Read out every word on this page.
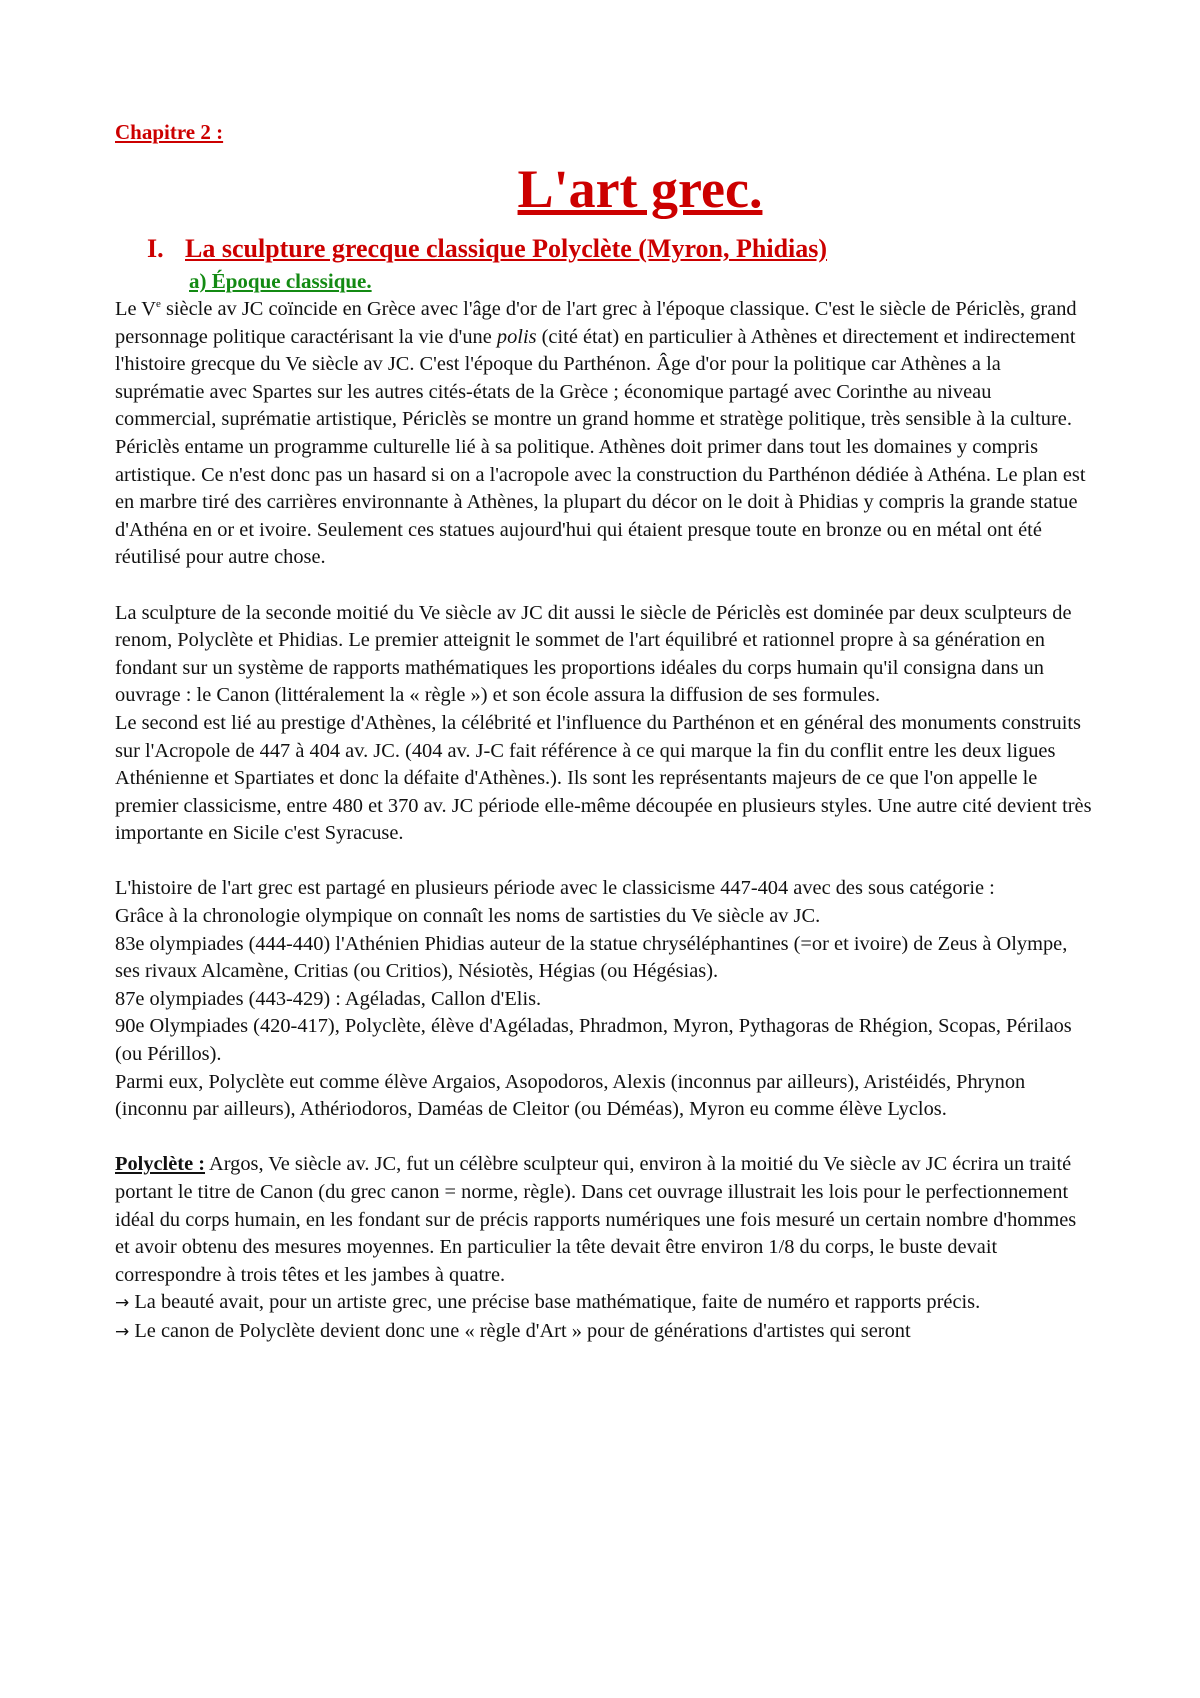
Chapitre 2 :

L'art grec.
I. La sculpture grecque classique Polyclète (Myron, Phidias)
a) Époque classique.

Le Ve siècle av JC coïncide en Grèce avec l'âge d'or de l'art grec à l'époque classique. C'est le siècle de Périclès, grand personnage politique caractérisant la vie d'une polis (cité état) en particulier à Athènes et directement et indirectement l'histoire grecque du Ve siècle av JC. C'est l'époque du Parthénon. Âge d'or pour la politique car Athènes a la suprématie avec Spartes sur les autres cités-états de la Grèce ; économique partagé avec Corinthe au niveau commercial, suprématie artistique, Périclès se montre un grand homme et stratège politique, très sensible à la culture. Périclès entame un programme culturelle lié à sa politique. Athènes doit primer dans tout les domaines y compris artistique. Ce n'est donc pas un hasard si on a l'acropole avec la construction du Parthénon dédiée à Athéna. Le plan est en marbre tiré des carrières environnante à Athènes, la plupart du décor on le doit à Phidias y compris la grande statue d'Athéna en or et ivoire. Seulement ces statues aujourd'hui qui étaient presque toute en bronze ou en métal ont été réutilisé pour autre chose.

La sculpture de la seconde moitié du Ve siècle av JC dit aussi le siècle de Périclès est dominée par deux sculpteurs de renom, Polyclète et Phidias. Le premier atteignit le sommet de l'art équilibré et rationnel propre à sa génération en fondant sur un système de rapports mathématiques les proportions idéales du corps humain qu'il consigna dans un ouvrage : le Canon (littéralement la « règle ») et son école assura la diffusion de ses formules.

Le second est lié au prestige d'Athènes, la célébrité et l'influence du Parthénon et en général des monuments construits sur l'Acropole de 447 à 404 av. JC. (404 av. J-C fait référence à ce qui marque la fin du conflit entre les deux ligues Athénienne et Spartiates et donc la défaite d'Athènes.). Ils sont les représentants majeurs de ce que l'on appelle le premier classicisme, entre 480 et 370 av. JC période elle-même découpée en plusieurs styles. Une autre cité devient très importante en Sicile c'est Syracuse.

L'histoire de l'art grec est partagé en plusieurs période avec le classicisme 447-404 avec des sous catégorie :

Grâce à la chronologie olympique on connaît les noms de sartisties du Ve siècle av JC.

83e olympiades (444-440) l'Athénien Phidias auteur de la statue chryséléphantines (=or et ivoire) de Zeus à Olympe, ses rivaux Alcamène, Critias (ou Critios), Nésiotès, Hégias (ou Hégésias).

87e olympiades (443-429) : Agéladas, Callon d'Elis.

90e Olympiades (420-417), Polyclète, élève d'Agéladas, Phradmon, Myron, Pythagoras de Rhégion, Scopas, Périlaos (ou Périllos).

Parmi eux, Polyclète eut comme élève Argaios, Asopodoros, Alexis (inconnus par ailleurs), Aristéidés, Phrynon (inconnu par ailleurs), Athériodoros, Daméas de Cleitor (ou Déméas), Myron eu comme élève Lyclos.

Polyclète : Argos, Ve siècle av. JC, fut un célèbre sculpteur qui, environ à la moitié du Ve siècle av JC écrira un traité portant le titre de Canon (du grec canon = norme, règle). Dans cet ouvrage illustrait les lois pour le perfectionnement idéal du corps humain, en les fondant sur de précis rapports numériques une fois mesuré un certain nombre d'hommes et avoir obtenu des mesures moyennes. En particulier la tête devait être environ 1/8 du corps, le buste devait correspondre à trois têtes et les jambes à quatre.

→ La beauté avait, pour un artiste grec, une précise base mathématique, faite de numéro et rapports précis.

→ Le canon de Polyclète devient donc une « règle d'Art » pour de générations d'artistes qui seront
